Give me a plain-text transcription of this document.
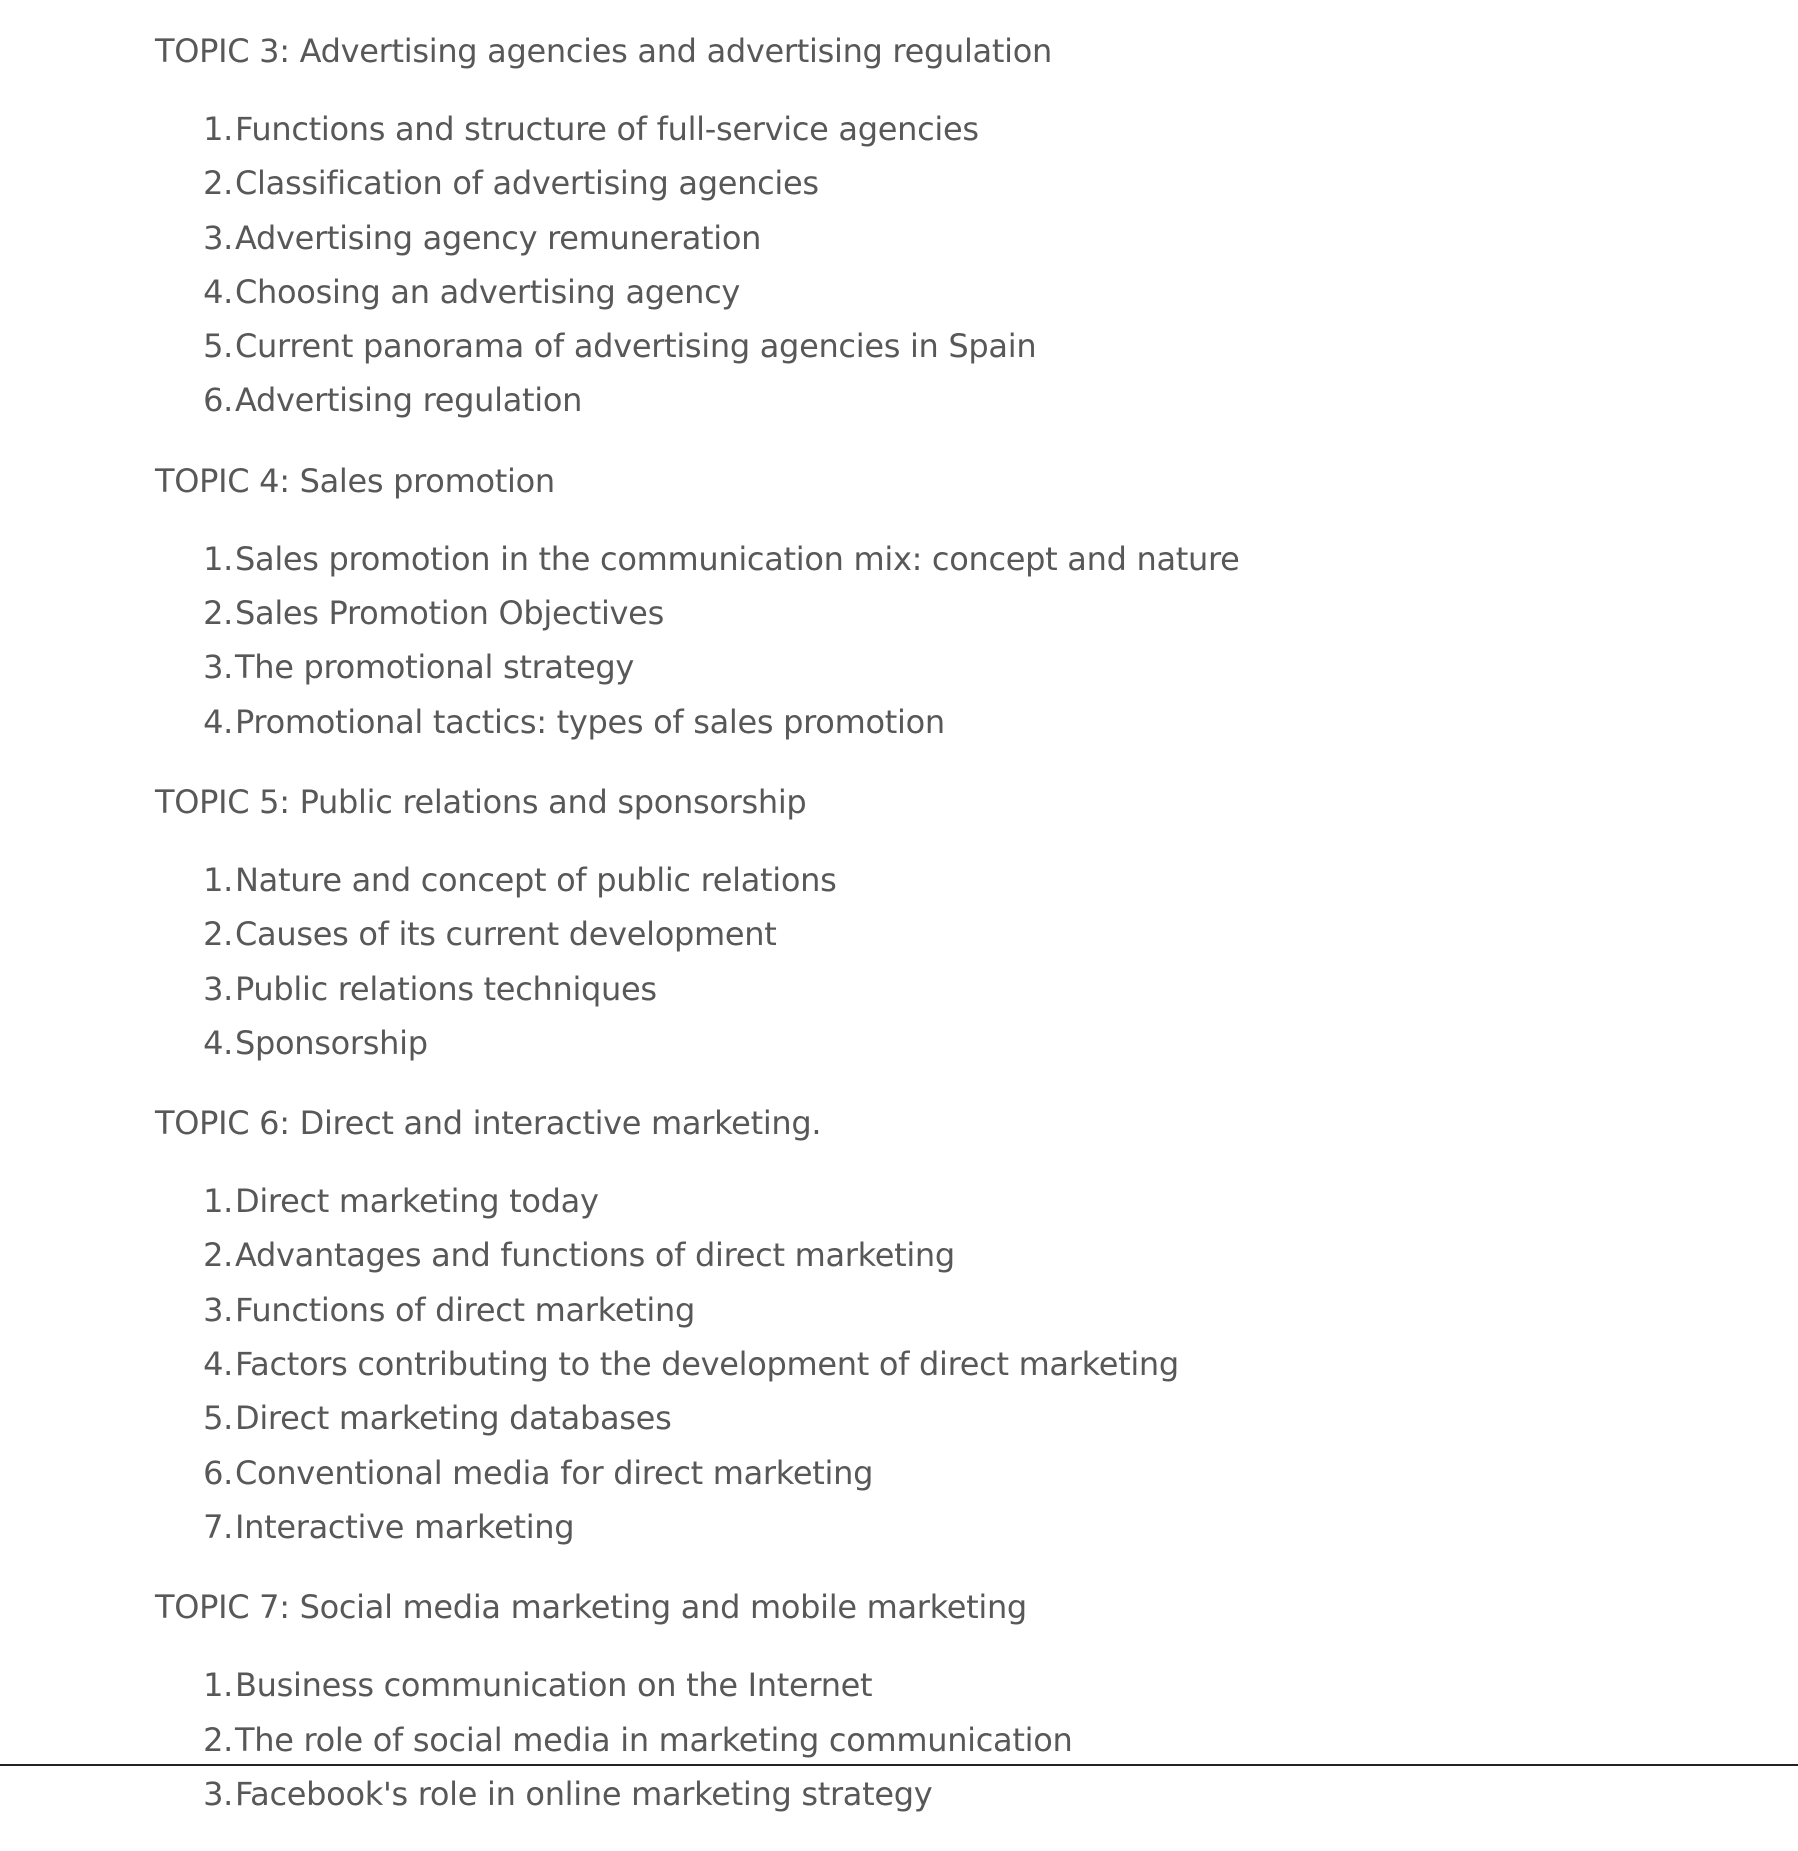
TOPIC 3: Advertising agencies and advertising regulation
1. Functions and structure of full-service agencies
2. Classification of advertising agencies
3. Advertising agency remuneration
4. Choosing an advertising agency
5. Current panorama of advertising agencies in Spain
6. Advertising regulation
TOPIC 4: Sales promotion
1. Sales promotion in the communication mix: concept and nature
2. Sales Promotion Objectives
3. The promotional strategy
4. Promotional tactics: types of sales promotion
TOPIC 5: Public relations and sponsorship
1. Nature and concept of public relations
2. Causes of its current development
3. Public relations techniques
4. Sponsorship
TOPIC 6: Direct and interactive marketing.
1. Direct marketing today
2. Advantages and functions of direct marketing
3. Functions of direct marketing
4. Factors contributing to the development of direct marketing
5. Direct marketing databases
6. Conventional media for direct marketing
7. Interactive marketing
TOPIC 7: Social media marketing and mobile marketing
1. Business communication on the Internet
2. The role of social media in marketing communication
3. Facebook's role in online marketing strategy
